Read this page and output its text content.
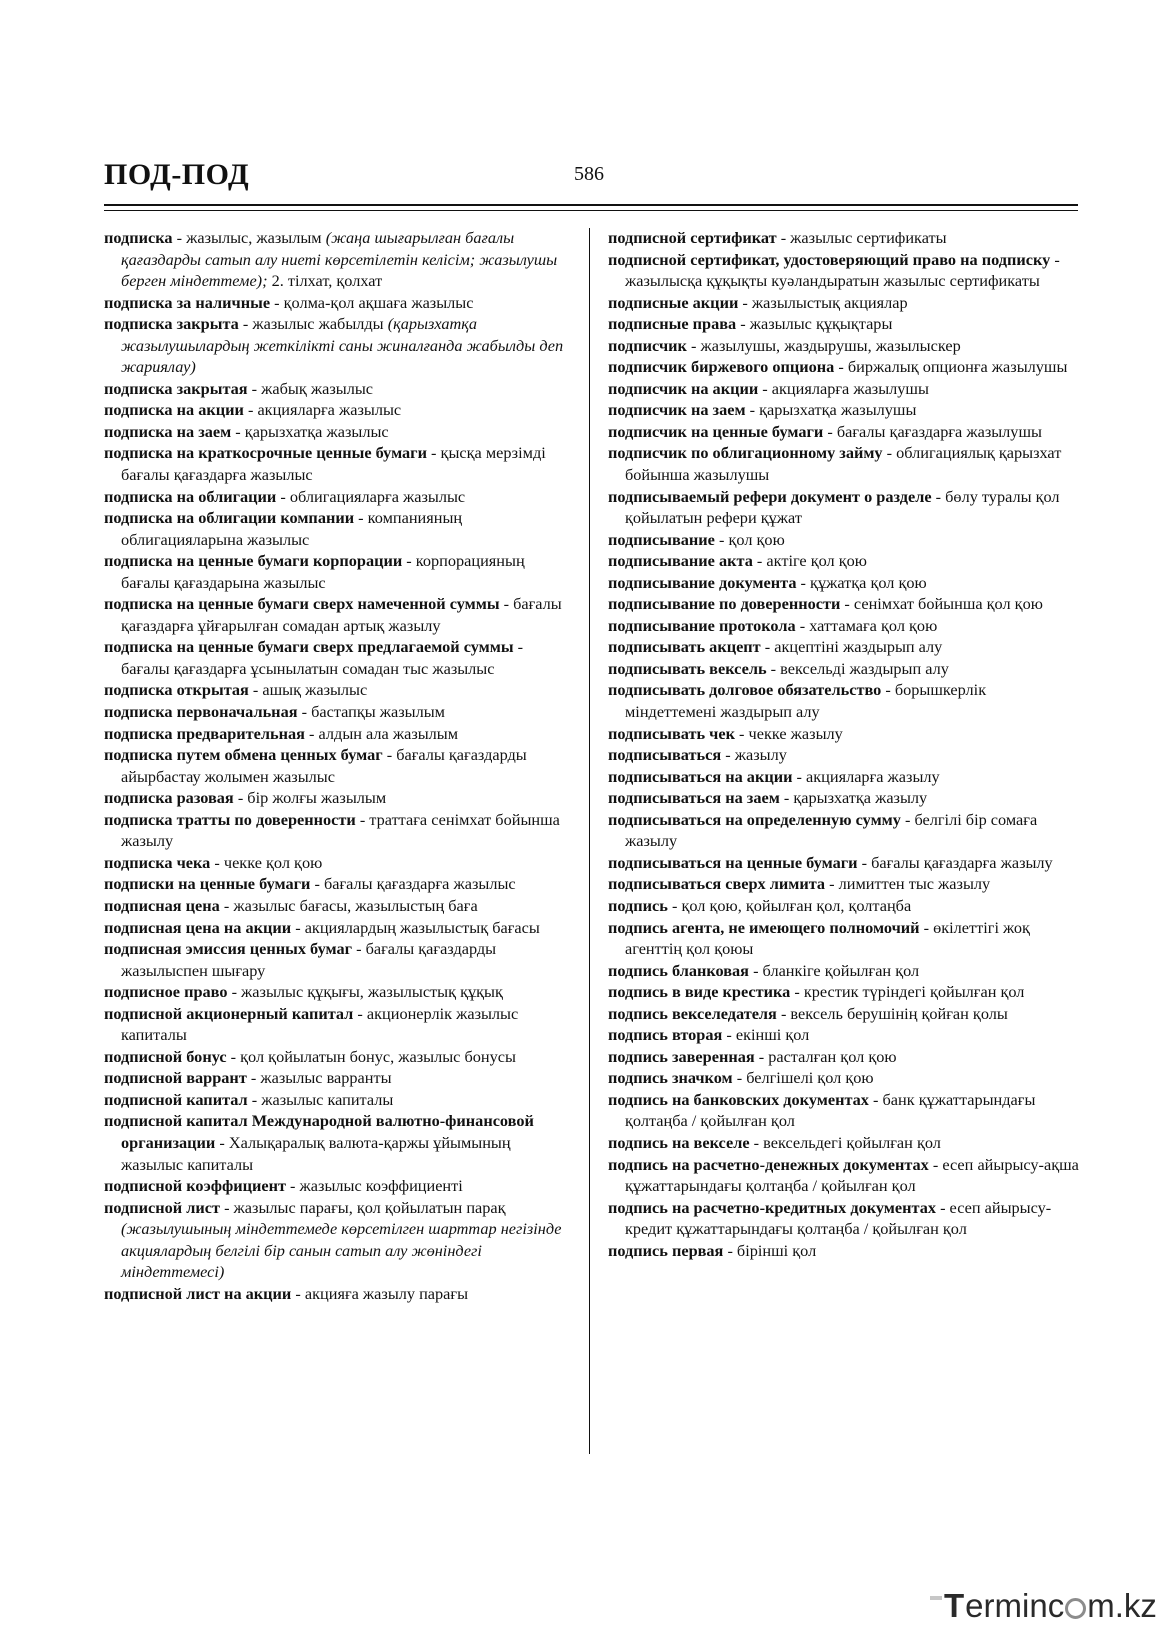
ПОД-ПОД	586

подписка - жазылыс, жазылым (жаңа шығарылған бағалы қағаздарды сатып алу ниеті көрсетілетін келісім; жазылушы берген міндеттеме); 2. тілхат, қолхат

подписка за наличные - қолма-қол ақшаға жазылыс

подписка закрыта - жазылыс жабылды (қарызхатқа жазылушылардың жеткілікті саны жиналғанда жабылды деп жариялау)

подписка закрытая - жабық жазылыс

подписка на акции - акцияларға жазылыс

подписка на заем - қарызхатқа жазылыс

подписка на краткосрочные ценные бумаги - қысқа мерзімді бағалы қағаздарға жазылыс

подписка на облигации - облигацияларға жазылыс

подписка на облигации компании - компанияның облигацияларына жазылыс

подписка на ценные бумаги корпорации - корпорацияның бағалы қағаздарына жазылыс

подписка на ценные бумаги сверх намеченной суммы - бағалы қағаздарға ұйғарылған сомадан артық жазылу

подписка на ценные бумаги сверх предлагаемой суммы - бағалы қағаздарға ұсынылатын сомадан тыс жазылыс

подписка открытая - ашық жазылыс

подписка первоначальная - бастапқы жазылым

подписка предварительная - алдын ала жазылым

подписка путем обмена ценных бумаг - бағалы қағаздарды айырбастау жолымен жазылыс

подписка разовая - бір жолғы жазылым

подписка тратты по доверенности - траттаға сенімхат бойынша жазылу

подписка чека - чекке қол қою

подписки на ценные бумаги - бағалы қағаздарға жазылыс

подписная цена - жазылыс бағасы, жазылыстың баға

подписная цена на акции - акциялардың жазылыстық бағасы

подписная эмиссия ценных бумаг - бағалы қағаздарды жазылыспен шығару

подписное право - жазылыс құқығы, жазылыстық құқық

подписной акционерный капитал - акционерлік жазылыс капиталы

подписной бонус - қол қойылатын бонус, жазылыс бонусы

подписной варрант - жазылыс варранты

подписной капитал - жазылыс капиталы

подписной капитал Международной валютно-финансовой организации - Халықаралық валюта-қаржы ұйымының жазылыс капиталы

подписной коэффициент - жазылыс коэффициенті

подписной лист - жазылыс парағы, қол қойылатын парақ (жазылушының міндеттемеде көрсетілген шарттар негізінде акциялардың белгілі бір санын сатып алу жөніндегі міндеттемесі)

подписной лист на акции - акцияға жазылу парағы

подписной сертификат - жазылыс сертификаты

подписной сертификат, удостоверяющий право на подписку - жазылысқа құқықты куәландыратын жазылыс сертификаты

подписные акции - жазылыстық акциялар

подписные права - жазылыс құқықтары

подписчик - жазылушы, жаздырушы, жазылыскер

подписчик биржевого опциона - биржалық опционға жазылушы

подписчик на акции - акцияларға жазылушы

подписчик на заем - қарызхатқа жазылушы

подписчик на ценные бумаги - бағалы қағаздарға жазылушы

подписчик по облигационному займу - облигациялық қарызхат бойынша жазылушы

подписываемый рефери документ о разделе - бөлу туралы қол қойылатын рефери құжат

подписывание - қол қою

подписывание акта - актіге қол қою

подписывание документа - құжатқа қол қою

подписывание по доверенности - сенімхат бойынша қол қою

подписывание протокола - хаттамаға қол қою

подписывать акцепт - акцептіні жаздырып алу

подписывать вексель - вексельді жаздырып алу

подписывать долговое обязательство - борышкерлік міндеттемені жаздырып алу

подписывать чек - чекке жазылу

подписываться - жазылу

подписываться на акции - акцияларға жазылу

подписываться на заем - қарызхатқа жазылу

подписываться на определенную сумму - белгілі бір сомаға жазылу

подписываться на ценные бумаги - бағалы қағаздарға жазылу

подписываться сверх лимита - лимиттен тыс жазылу

подпись - қол қою, қойылған қол, қолтаңба

подпись агента, не имеющего полномочий - өкілеттігі жоқ агенттің қол қоюы

подпись бланковая - бланкіге қойылған қол

подпись в виде крестика - крестик түріндегі қойылған қол

подпись векселедателя - вексель берушінің қойған қолы

подпись вторая - екінші қол

подпись заверенная - расталған қол қою

подпись значком - белгішелі қол қою

подпись на банковских документах - банк құжаттарындағы қолтаңба / қойылған қол

подпись на векселе - вексельдегі қойылған қол

подпись на расчетно-денежных документах - есеп айырысу-ақша құжаттарындағы қолтаңба / қойылған қол

подпись на расчетно-кредитных документах - есеп айырысу-кредит құжаттарындағы қолтаңба / қойылған қол

подпись первая - бірінші қол

T erminc m.kz
